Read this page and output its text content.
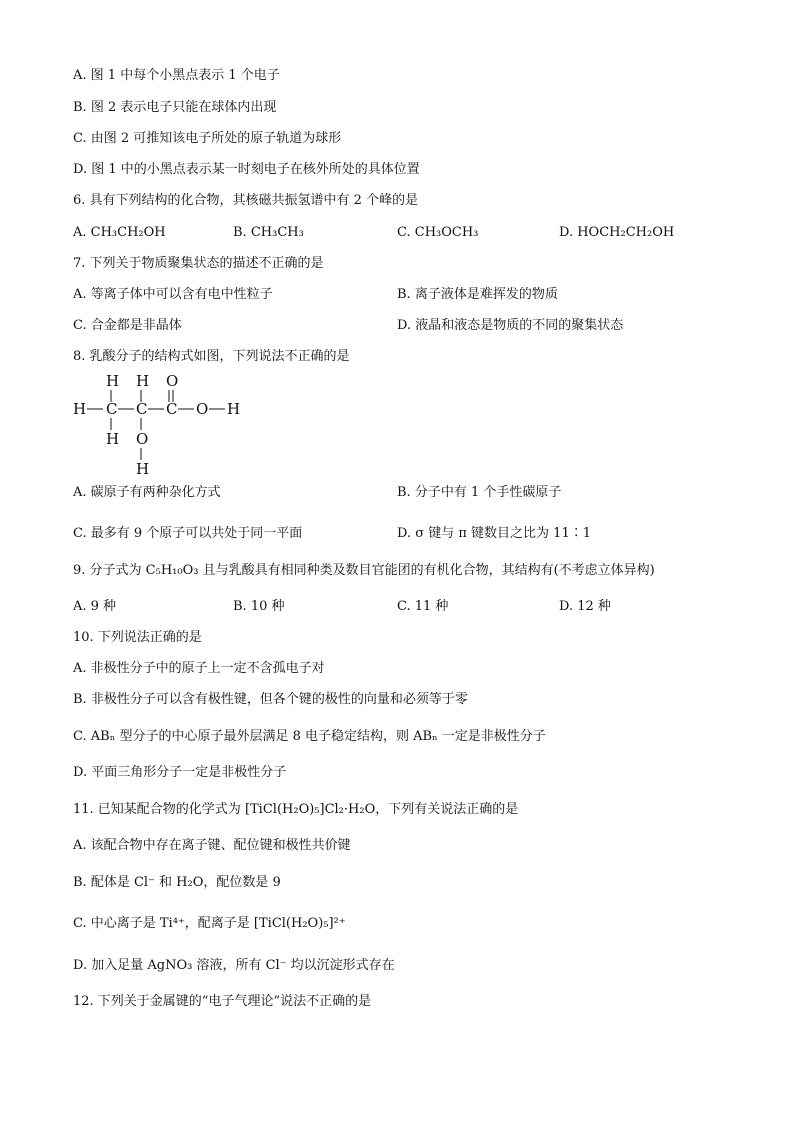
A. 图 1 中每个小黑点表示 1 个电子
B. 图 2 表示电子只能在球体内出现
C. 由图 2 可推知该电子所处的原子轨道为球形
D. 图 1 中的小黑点表示某一时刻电子在核外所处的具体位置
6. 具有下列结构的化合物，其核磁共振氢谱中有 2 个峰的是
A. CH₃CH₂OH	B. CH₃CH₃	C. CH₃OCH₃	D. HOCH₂CH₂OH
7. 下列关于物质聚集状态的描述不正确的是
A. 等离子体中可以含有电中性粒子	B. 离子液体是难挥发的物质
C. 合金都是非晶体	D. 液晶和液态是物质的不同的聚集状态
8. 乳酸分子的结构式如图，下列说法不正确的是
H H O
H C C C O H
H O
H
A. 碳原子有两种杂化方式	B. 分子中有 1 个手性碳原子
C. 最多有 9 个原子可以共处于同一平面	D. σ 键与 π 键数目之比为 11∶1
9. 分子式为 C₅H₁₀O₃ 且与乳酸具有相同种类及数目官能团的有机化合物，其结构有(不考虑立体异构)
A. 9 种	B. 10 种	C. 11 种	D. 12 种
10. 下列说法正确的是
A. 非极性分子中的原子上一定不含孤电子对
B. 非极性分子可以含有极性键，但各个键的极性的向量和必须等于零
C. ABₙ 型分子的中心原子最外层满足 8 电子稳定结构，则 ABₙ 一定是非极性分子
D. 平面三角形分子一定是非极性分子
11. 已知某配合物的化学式为 [TiCl(H₂O)₅]Cl₂·H₂O，下列有关说法正确的是
A. 该配合物中存在离子键、配位键和极性共价键
B. 配体是 Cl⁻ 和 H₂O，配位数是 9
C. 中心离子是 Ti⁴⁺，配离子是 [TiCl(H₂O)₅]²⁺
D. 加入足量 AgNO₃ 溶液，所有 Cl⁻ 均以沉淀形式存在
12. 下列关于金属键的“电子气理论”说法不正确的是
